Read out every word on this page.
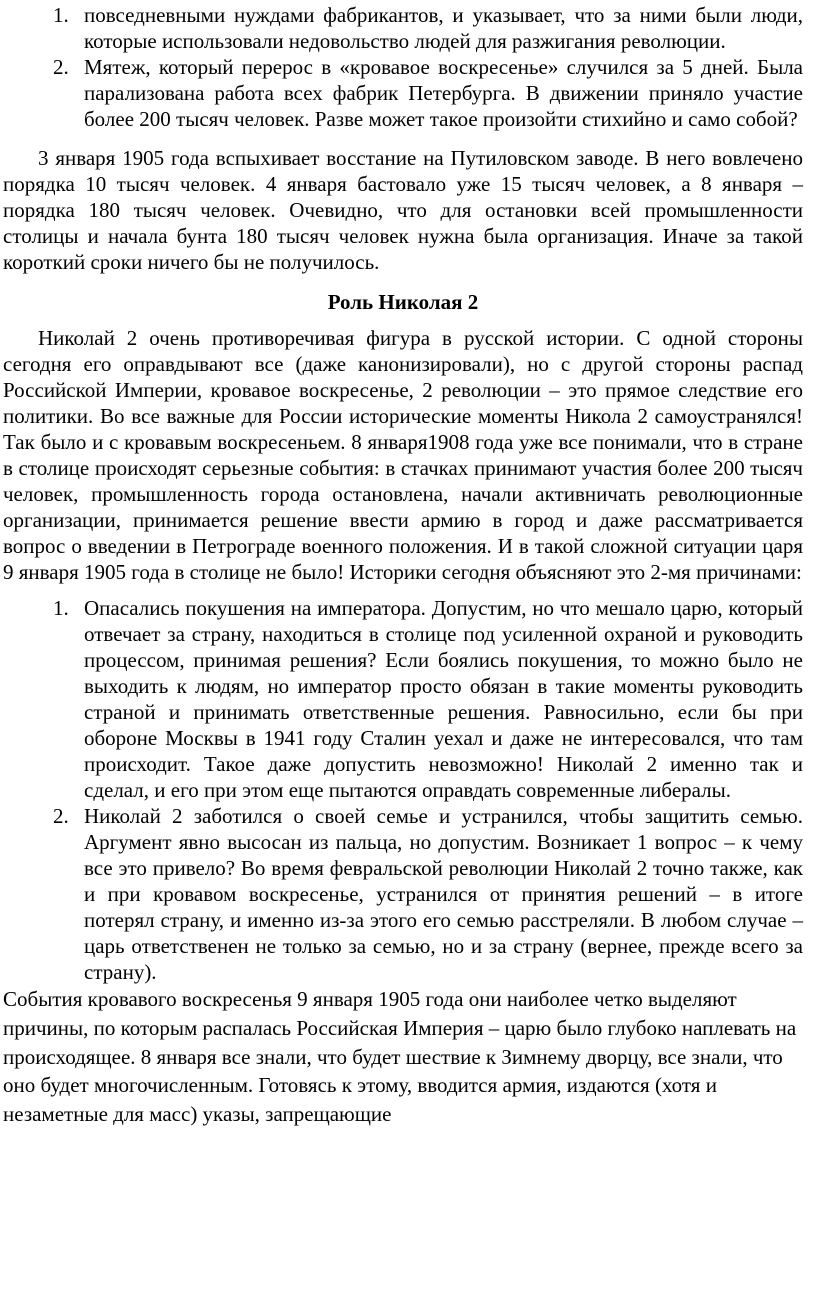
1. повседневными нуждами фабрикантов, и указывает, что за ними были люди, которые использовали недовольство людей для разжигания революции.
2. Мятеж, который перерос в «кровавое воскресенье» случился за 5 дней. Была парализована работа всех фабрик Петербурга. В движении приняло участие более 200 тысяч человек. Разве может такое произойти стихийно и само собой?

3 января 1905 года вспыхивает восстание на Путиловском заводе. В него вовлечено порядка 10 тысяч человек. 4 января бастовало уже 15 тысяч человек, а 8 января – порядка 180 тысяч человек. Очевидно, что для остановки всей промышленности столицы и начала бунта 180 тысяч человек нужна была организация. Иначе за такой короткий сроки ничего бы не получилось.

Роль Николая 2

Николай 2 очень противоречивая фигура в русской истории. С одной стороны сегодня его оправдывают все (даже канонизировали), но с другой стороны распад Российской Империи, кровавое воскресенье, 2 революции – это прямое следствие его политики. Во все важные для России исторические моменты Никола 2 самоустранялся! Так было и с кровавым воскресеньем. 8 января1908 года уже все понимали, что в стране в столице происходят серьезные события: в стачках принимают участия более 200 тысяч человек, промышленность города остановлена, начали активничать революционные организации, принимается решение ввести армию в город и даже рассматривается вопрос о введении в Петрограде военного положения. И в такой сложной ситуации царя 9 января 1905 года в столице не было! Историки сегодня объясняют это 2-мя причинами:

1. Опасались покушения на императора. Допустим, но что мешало царю, который отвечает за страну, находиться в столице под усиленной охраной и руководить процессом, принимая решения? Если боялись покушения, то можно было не выходить к людям, но император просто обязан в такие моменты руководить страной и принимать ответственные решения. Равносильно, если бы при обороне Москвы в 1941 году Сталин уехал и даже не интересовался, что там происходит. Такое даже допустить невозможно! Николай 2 именно так и сделал, и его при этом еще пытаются оправдать современные либералы.
2. Николай 2 заботился о своей семье и устранился, чтобы защитить семью. Аргумент явно высосан из пальца, но допустим. Возникает 1 вопрос – к чему все это привело? Во время февральской революции Николай 2 точно также, как и при кровавом воскресенье, устранился от принятия решений – в итоге потерял страну, и именно из-за этого его семью расстреляли. В любом случае – царь ответственен не только за семью, но и за страну (вернее, прежде всего за страну).

События кровавого воскресенья 9 января 1905 года они наиболее четко выделяют причины, по которым распалась Российская Империя – царю было глубоко наплевать на происходящее. 8 января все знали, что будет шествие к Зимнему дворцу, все знали, что оно будет многочисленным. Готовясь к этому, вводится армия, издаются (хотя и незаметные для масс) указы, запрещающие
